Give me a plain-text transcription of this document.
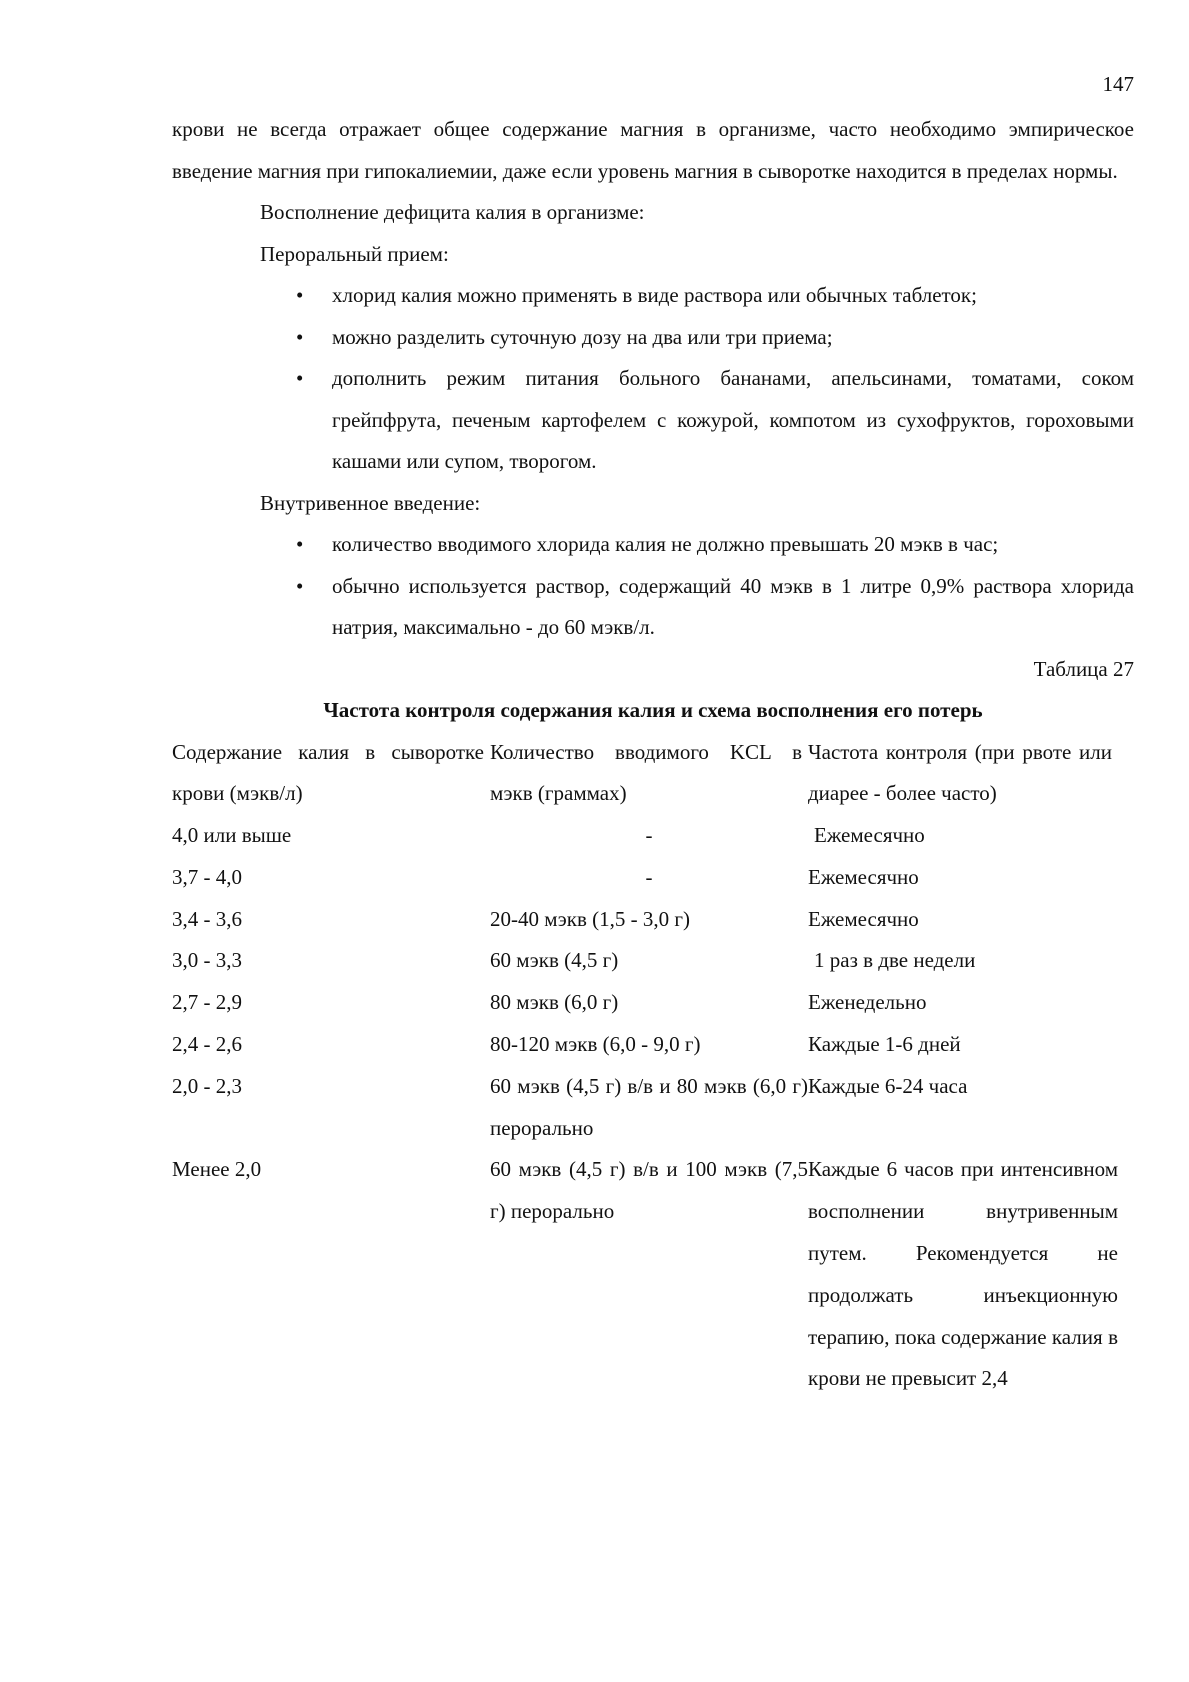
147

крови не всегда отражает общее содержание магния в организме, часто необходимо эмпирическое введение магния при гипокалиемии, даже если уровень магния в сыворотке находится в пределах нормы.

Восполнение дефицита калия в организме:

Пероральный прием:

• хлорид калия можно применять в виде раствора или обычных таблеток;
• можно разделить суточную дозу на два или три приема;
• дополнить режим питания больного бананами, апельсинами, томатами, соком грейпфрута, печеным картофелем с кожурой, компотом из сухофруктов, гороховыми кашами или супом, творогом.

Внутривенное введение:

• количество вводимого хлорида калия не должно превышать 20 мэкв в час;
• обычно используется раствор, содержащий 40 мэкв в 1 литре 0,9% раствора хлорида натрия, максимально - до 60 мэкв/л.

Таблица 27

Частота контроля содержания калия и схема восполнения его потерь

Содержание калия в сыворотке крови (мэкв/л)	Количество вводимого KCL в мэкв (граммах)	Частота контроля (при рвоте или диарее - более часто)

4,0 или выше	-	Ежемесячно

3,7 - 4,0	-	Ежемесячно
3,4 - 3,6	20-40 мэкв (1,5 - 3,0 г)	Ежемесячно
3,0 - 3,3	60 мэкв (4,5 г)	1 раз в две недели

2,7 - 2,9	80 мэкв (6,0 г)	Еженедельно
2,4 - 2,6	80-120 мэкв (6,0 - 9,0 г)	Каждые 1-6 дней
2,0 - 2,3	60 мэкв (4,5 г) в/в и 80 мэкв (6,0 г) перорально	Каждые 6-24 часа
Менее 2,0	60 мэкв (4,5 г) в/в и 100 мэкв (7,5 г) перорально	Каждые 6 часов при интенсивном восполнении внутривенным путем. Рекомендуется не продолжать инъекционную терапию, пока содержание калия в крови не превысит 2,4
